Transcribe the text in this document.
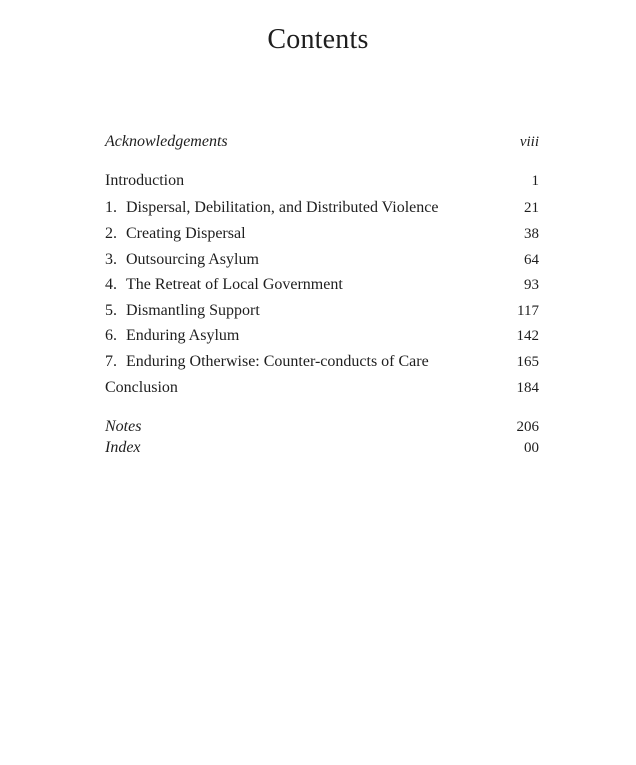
Contents
Acknowledgements	viii
Introduction	1
1. Dispersal, Debilitation, and Distributed Violence	21
2. Creating Dispersal	38
3. Outsourcing Asylum	64
4. The Retreat of Local Government	93
5. Dismantling Support	117
6. Enduring Asylum	142
7. Enduring Otherwise: Counter-conducts of Care	165
Conclusion	184
Notes	206
Index	00
